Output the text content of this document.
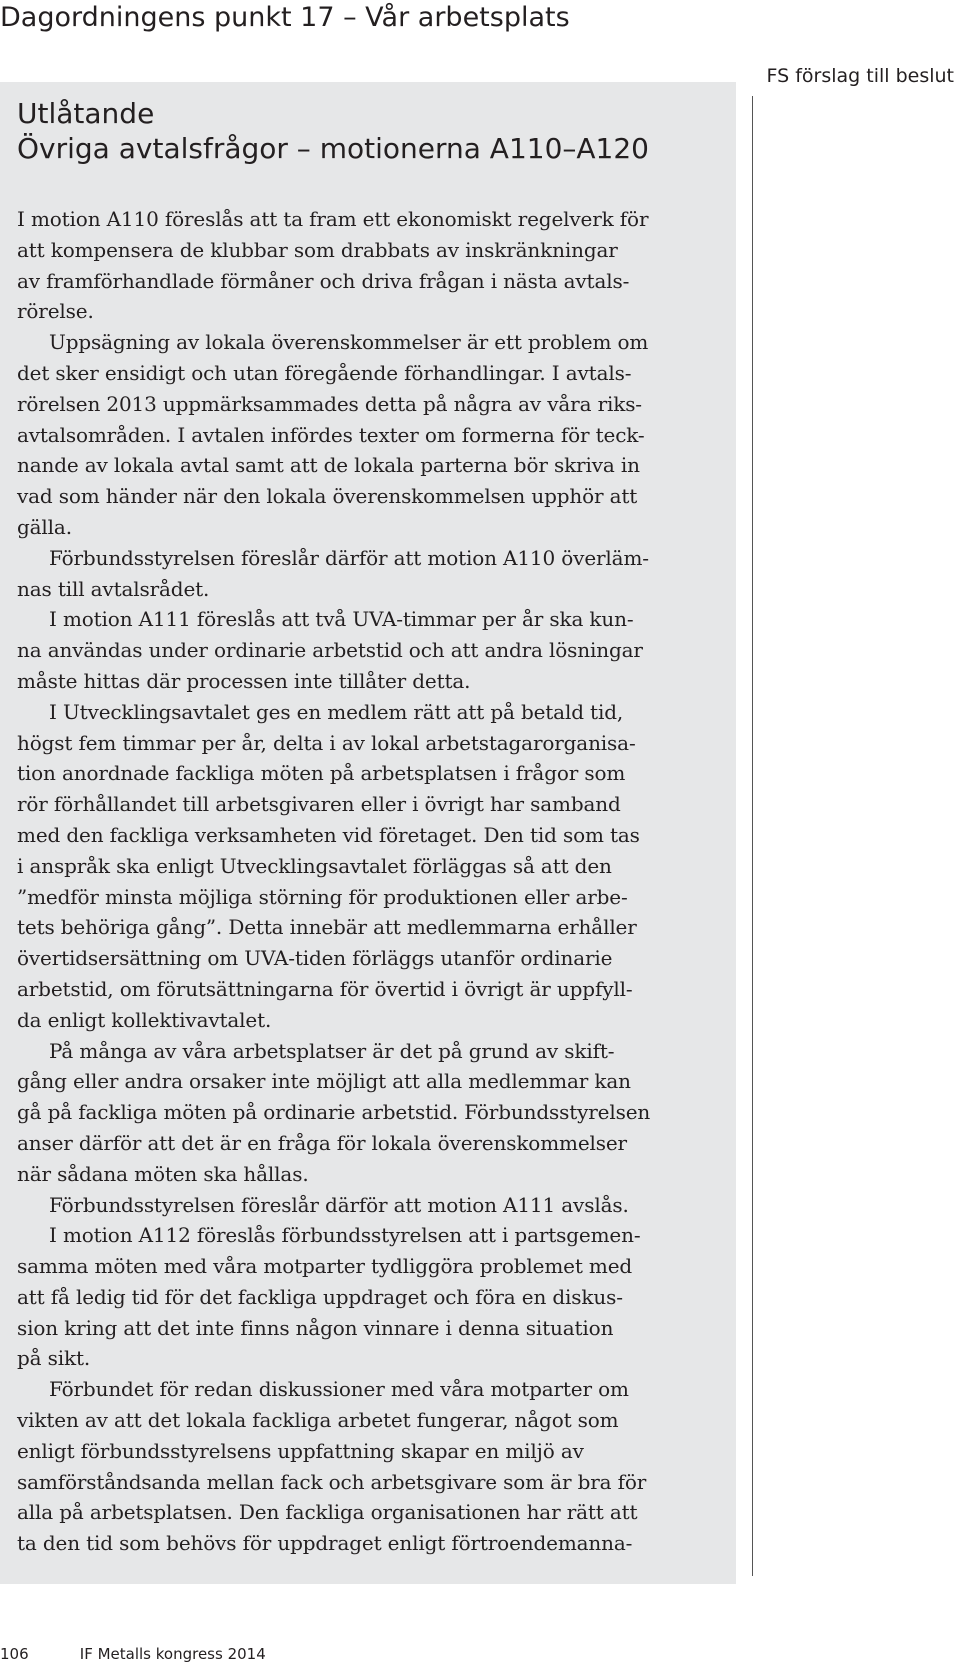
Dagordningens punkt 17 – Vår arbetsplats
FS förslag till beslut
Utlåtande
Övriga avtalsfrågor – motionerna A110–A120
I motion A110 föreslås att ta fram ett ekonomiskt regelverk för
att kompensera de klubbar som drabbats av inskränkningar
av framförhandlade förmåner och driva frågan i nästa avtals-
rörelse.
Uppsägning av lokala överenskommelser är ett problem om
det sker ensidigt och utan föregående förhandlingar. I avtals-
rörelsen 2013 uppmärksammades detta på några av våra riks-
avtalsområden. I avtalen infördes texter om formerna för teck-
nande av lokala avtal samt att de lokala parterna bör skriva in
vad som händer när den lokala överenskommelsen upphör att
gälla.
Förbundsstyrelsen föreslår därför att motion A110 överläm-
nas till avtalsrådet.
I motion A111 föreslås att två UVA-timmar per år ska kun-
na användas under ordinarie arbetstid och att andra lösningar
måste hittas där processen inte tillåter detta.
I Utvecklingsavtalet ges en medlem rätt att på betald tid,
högst fem timmar per år, delta i av lokal arbetstagarorganisa-
tion anordnade fackliga möten på arbetsplatsen i frågor som
rör förhållandet till arbetsgivaren eller i övrigt har samband
med den fackliga verksamheten vid företaget. Den tid som tas
i anspråk ska enligt Utvecklingsavtalet förläggas så att den
”medför minsta möjliga störning för produktionen eller arbe-
tets behöriga gång”. Detta innebär att medlemmarna erhåller
övertidsersättning om UVA-tiden förläggs utanför ordinarie
arbetstid, om förutsättningarna för övertid i övrigt är uppfyll-
da enligt kollektivavtalet.
På många av våra arbetsplatser är det på grund av skift-
gång eller andra orsaker inte möjligt att alla medlemmar kan
gå på fackliga möten på ordinarie arbetstid. Förbundsstyrelsen
anser därför att det är en fråga för lokala överenskommelser
när sådana möten ska hållas.
Förbundsstyrelsen föreslår därför att motion A111 avslås.
I motion A112 föreslås förbundsstyrelsen att i partsgemen-
samma möten med våra motparter tydliggöra problemet med
att få ledig tid för det fackliga uppdraget och föra en diskus-
sion kring att det inte finns någon vinnare i denna situation
på sikt.
Förbundet för redan diskussioner med våra motparter om
vikten av att det lokala fackliga arbetet fungerar, något som
enligt förbundsstyrelsens uppfattning skapar en miljö av
samförståndsanda mellan fack och arbetsgivare som är bra för
alla på arbetsplatsen. Den fackliga organisationen har rätt att
ta den tid som behövs för uppdraget enligt förtroendemanna-
106	IF Metalls kongress 2014
